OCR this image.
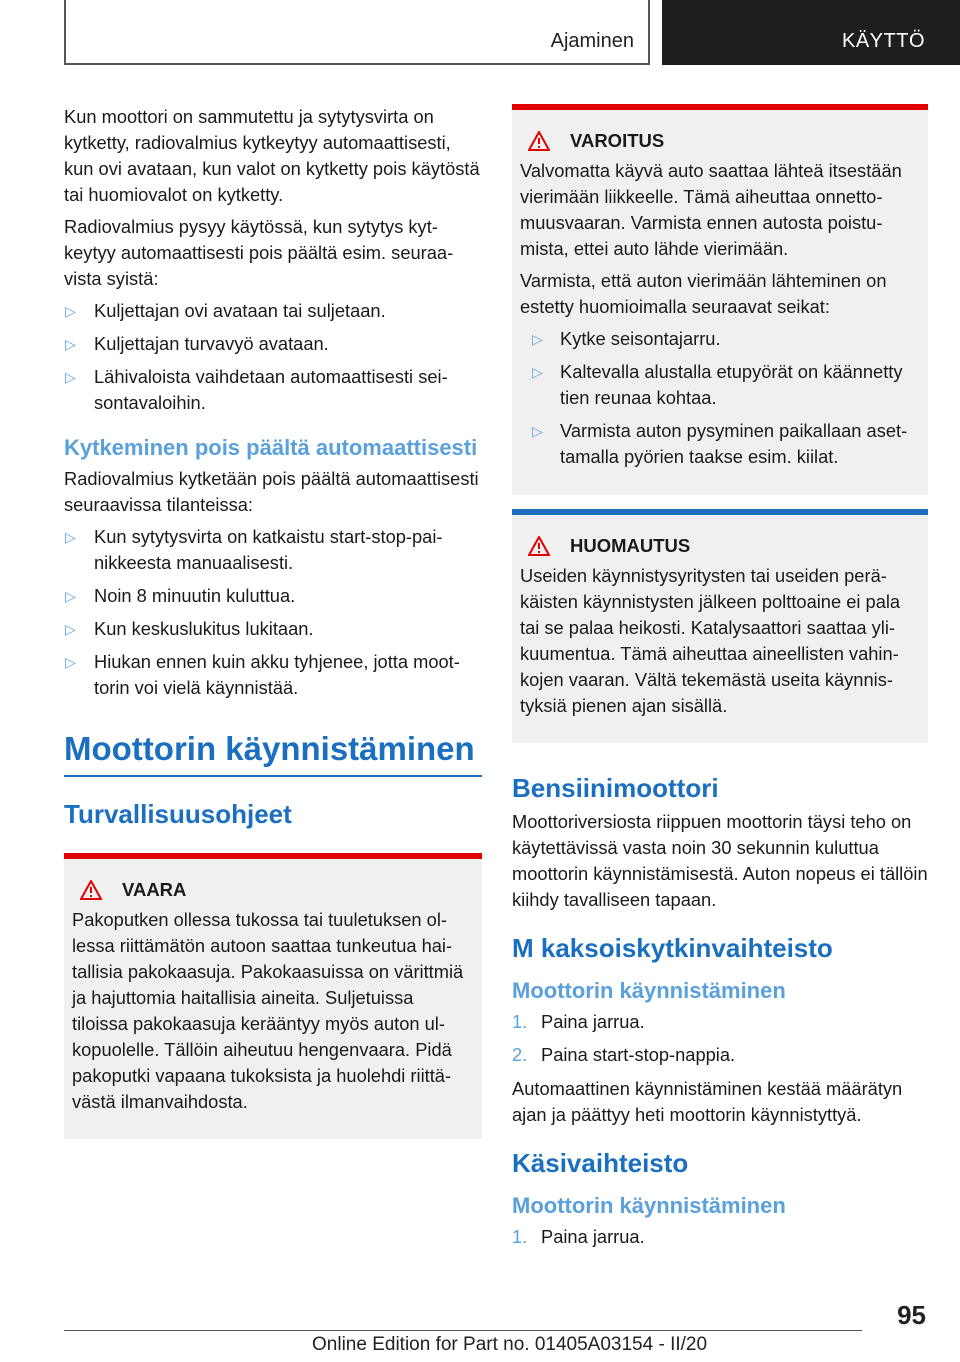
Ajaminen	KÄYTTÖ

Kun moottori on sammutettu ja sytytysvirta on kytketty, radiovalmius kytkeytyy automaattisesti, kun ovi avataan, kun valot on kytketty pois käytöstä tai huomiovalot on kytketty.

Radiovalmius pysyy käytössä, kun sytytys kytkeytyy automaattisesti pois päältä esim. seuraavista syistä:

▷ Kuljettajan ovi avataan tai suljetaan.
▷ Kuljettajan turvavyö avataan.
▷ Lähivaloista vaihdetaan automaattisesti seisontavaloihin.
Kytkeminen pois päältä automaattisesti

Radiovalmius kytketään pois päältä automaattisesti seuraavissa tilanteissa:

▷ Kun sytytysvirta on katkaistu start-stop-painikkeesta manuaalisesti.
▷ Noin 8 minuutin kuluttua.
▷ Kun keskuslukitus lukitaan.
▷ Hiukan ennen kuin akku tyhjenee, jotta moottorin voi vielä käynnistää.
Moottorin käynnistäminen
Turvallisuusohjeet
VAARA

Pakoputken ollessa tukossa tai tuuletuksen ollessa riittämätön autoon saattaa tunkeutua haitallisia pakokaasuja. Pakokaasuissa on värittmiä ja hajuttomia haitallisia aineita. Suljetuissa tiloissa pakokaasuja kerääntyy myös auton ulkopuolelle. Tällöin aiheutuu hengenvaara. Pidä pakoputki vapaana tukoksista ja huolehdi riittävästä ilmanvaihdosta.

VAROITUS

Valvomatta käyvä auto saattaa lähteä itsestään vierimään liikkeelle. Tämä aiheuttaa onnettomuusvaaran. Varmista ennen autosta poistumista, ettei auto lähde vierimään.

Varmista, että auton vierimään lähteminen on estetty huomioimalla seuraavat seikat:

▷ Kytke seisontajarru.
▷ Kaltevalla alustalla etupyörät on käännetty tien reunaa kohtaa.
▷ Varmista auton pysyminen paikallaan asettamalla pyörien taakse esim. kiilat.
HUOMAUTUS

Useiden käynnistysyritysten tai useiden peräkäisten käynnistysten jälkeen polttoaine ei pala tai se palaa heikosti. Katalysaattori saattaa ylikuumentua. Tämä aiheuttaa aineellisten vahinkojen vaaran. Vältä tekemästä useita käynnistyksiä pienen ajan sisällä.

Bensiinimoottori

Moottoriversiosta riippuen moottorin täysi teho on käytettävissä vasta noin 30 sekunnin kuluttua moottorin käynnistämisestä. Auton nopeus ei tällöin kiihdy tavalliseen tapaan.

M kaksoiskytkinvaihteisto
Moottorin käynnistäminen
1. Paina jarrua.
2. Paina start-stop-nappia.

Automaattinen käynnistäminen kestää määrätyn ajan ja päättyy heti moottorin käynnistyttyä.

Käsivaihteisto
Moottorin käynnistäminen
1. Paina jarrua.
95
Online Edition for Part no. 01405A03154 - II/20
